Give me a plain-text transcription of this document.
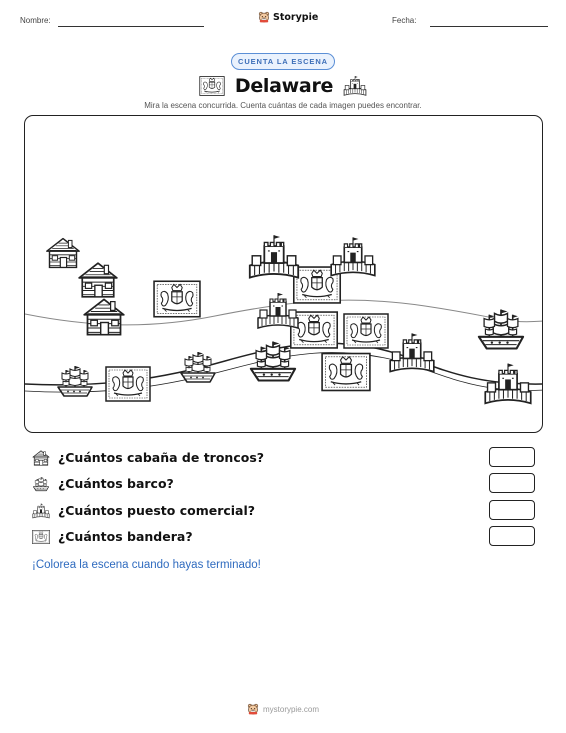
Nombre:	Fecha:
Storypie
CUENTA LA ESCENA
Delaware
Mira la escena concurrida. Cuenta cuántas de cada imagen puedes encontrar.
¿Cuántos cabaña de troncos?
¿Cuántos barco?
¿Cuántos puesto comercial?
¿Cuántos bandera?
¡Colorea la escena cuando hayas terminado!
mystorypie.com
